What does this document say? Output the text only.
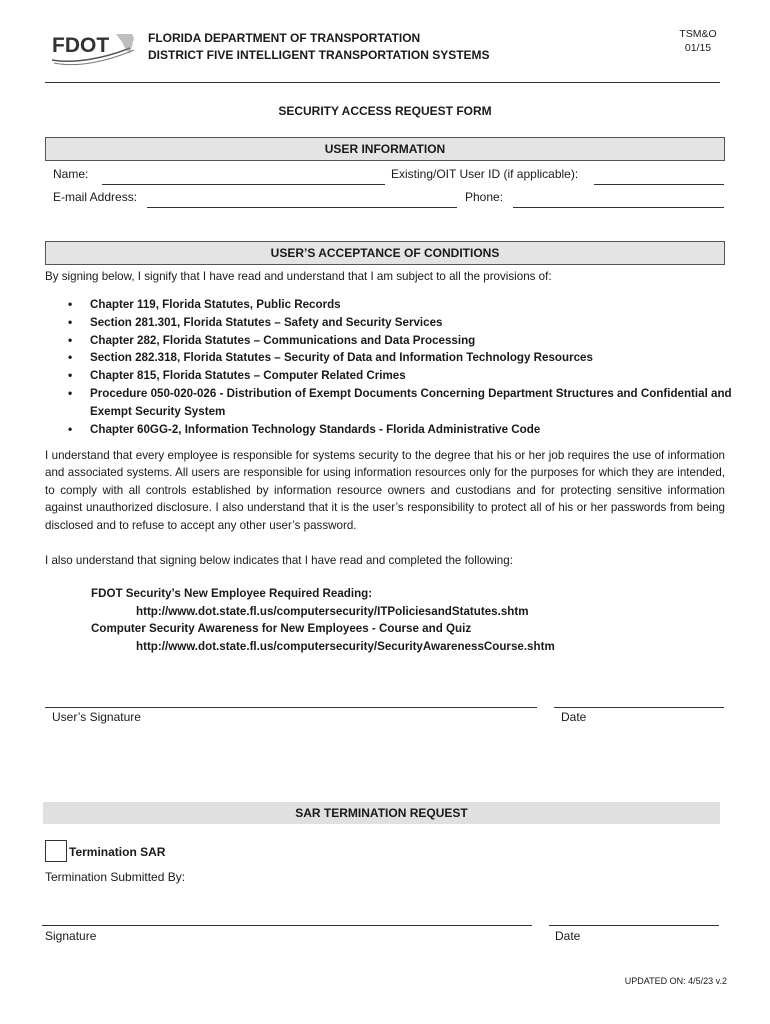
FDOT	FLORIDA DEPARTMENT OF TRANSPORTATION
DISTRICT FIVE INTELLIGENT TRANSPORTATION SYSTEMS
TSM&O
01/15
SECURITY ACCESS REQUEST FORM
USER INFORMATION
Name:	Existing/OIT User ID (if applicable):
E-mail Address:	Phone:
USER’S ACCEPTANCE OF CONDITIONS
By signing below, I signify that I have read and understand that I am subject to all the provisions of:
• Chapter 119, Florida Statutes, Public Records
• Section 281.301, Florida Statutes – Safety and Security Services
• Chapter 282, Florida Statutes – Communications and Data Processing
• Section 282.318, Florida Statutes – Security of Data and Information Technology Resources
• Chapter 815, Florida Statutes – Computer Related Crimes
• Procedure 050-020-026 - Distribution of Exempt Documents Concerning Department Structures and Confidential and Exempt Security System
• Chapter 60GG-2, Information Technology Standards - Florida Administrative Code
I understand that every employee is responsible for systems security to the degree that his or her job requires the use of information and associated systems. All users are responsible for using information resources only for the purposes for which they are intended, to comply with all controls established by information resource owners and custodians and for protecting sensitive information against unauthorized disclosure. I also understand that it is the user’s responsibility to protect all of his or her passwords from being disclosed and to refuse to accept any other user’s password.
I also understand that signing below indicates that I have read and completed the following:
FDOT Security’s New Employee Required Reading:
http://www.dot.state.fl.us/computersecurity/ITPoliciesandStatutes.shtm
Computer Security Awareness for New Employees - Course and Quiz
http://www.dot.state.fl.us/computersecurity/SecurityAwarenessCourse.shtm
User’s Signature	Date
SAR TERMINATION REQUEST
Termination SAR
Termination Submitted By:
Signature	Date
UPDATED ON: 4/5/23 v.2
